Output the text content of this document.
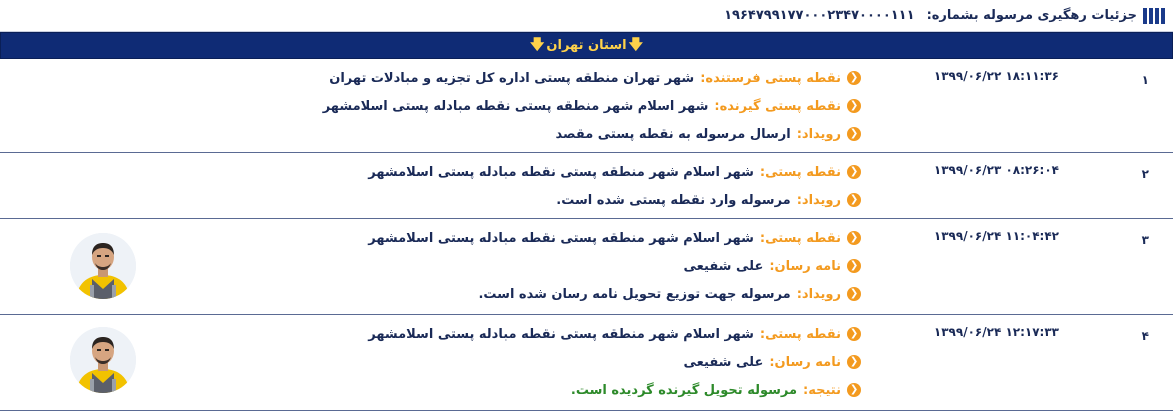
جزئیات رهگیری مرسوله بشماره:
۱۹۶۴۷۹۹۱۷۷۰۰۰۲۳۴۷۰۰۰۰۱۱۱
🡇
استان تهران
🡇
۱
۱۸:۱۱:۳۶ ۱۳۹۹/۰۶/۲۲
❮
نقطه پستی فرستنده:
شهر تهران منطقه پستی اداره کل تجزیه و مبادلات تهران
❮
نقطه پستی گیرنده:
شهر اسلام شهر منطقه پستی نقطه مبادله پستی اسلامشهر
❮
رویداد:
ارسال مرسوله به نقطه پستی مقصد
۲
۰۸:۲۶:۰۴ ۱۳۹۹/۰۶/۲۳
❮
نقطه پستی:
شهر اسلام شهر منطقه پستی نقطه مبادله پستی اسلامشهر
❮
رویداد:
مرسوله وارد نقطه پستی شده است.
۳
۱۱:۰۴:۴۲ ۱۳۹۹/۰۶/۲۴
❮
نقطه پستی:
شهر اسلام شهر منطقه پستی نقطه مبادله پستی اسلامشهر
❮
نامه رسان:
علی شفیعی
❮
رویداد:
مرسوله جهت توزیع تحویل نامه رسان شده است.
۴
۱۲:۱۷:۳۳ ۱۳۹۹/۰۶/۲۴
❮
نقطه پستی:
شهر اسلام شهر منطقه پستی نقطه مبادله پستی اسلامشهر
❮
نامه رسان:
علی شفیعی
❮
نتیجه:
مرسوله تحویل گیرنده گردیده است.
